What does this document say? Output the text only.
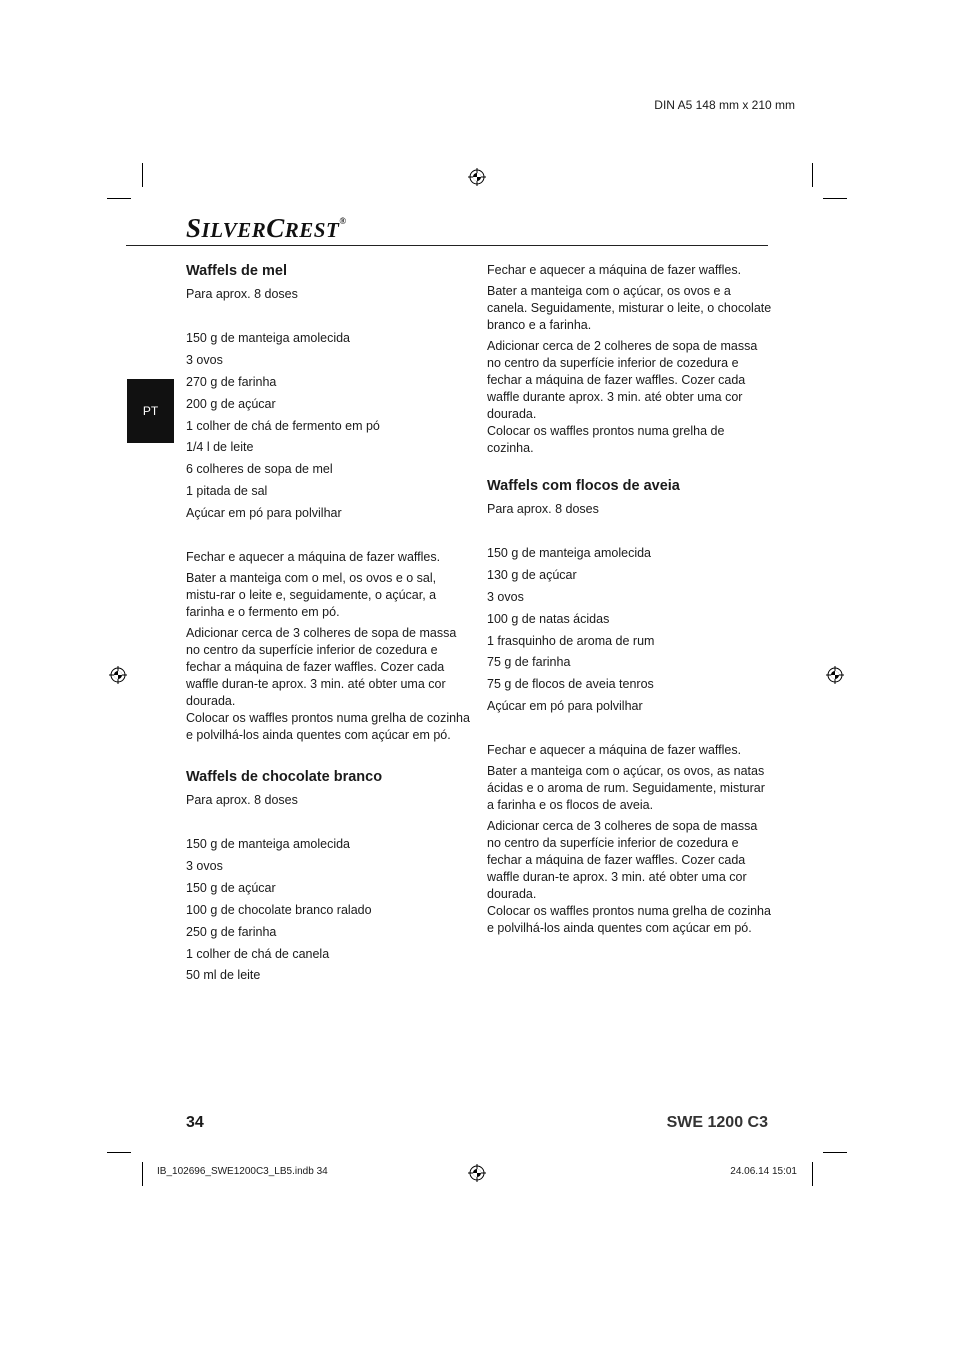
DIN A5 148 mm x 210 mm
SILVERCREST®
PT
Waffels de mel

Para aprox. 8 doses

150 g de manteiga amolecida
3 ovos
270 g de farinha
200 g de açúcar
1 colher de chá de fermento em pó
1/4 l de leite
6 colheres de sopa de mel
1 pitada de sal
Açúcar em pó para polvilhar

Fechar e aquecer a máquina de fazer waffles.

Bater a manteiga com o mel, os ovos e o sal, mistu-rar o leite e, seguidamente, o açúcar, a farinha e o fermento em pó.

Adicionar cerca de 3 colheres de sopa de massa no centro da superfície inferior de cozedura e fechar a máquina de fazer waffles. Cozer cada waffle duran-te aprox. 3 min. até obter uma cor dourada.

Colocar os waffles prontos numa grelha de cozinha e polvilhá-los ainda quentes com açúcar em pó.

Waffels de chocolate branco

Para aprox. 8 doses

150 g de manteiga amolecida
3 ovos
150 g de açúcar
100 g de chocolate branco ralado
250 g de farinha
1 colher de chá de canela
50 ml de leite

Fechar e aquecer a máquina de fazer waffles.

Bater a manteiga com o açúcar, os ovos e a canela. Seguidamente, misturar o leite, o chocolate branco e a farinha.

Adicionar cerca de 2 colheres de sopa de massa no centro da superfície inferior de cozedura e fechar a máquina de fazer waffles. Cozer cada waffle durante aprox. 3 min. até obter uma cor dourada.

Colocar os waffles prontos numa grelha de cozinha.

Waffels com flocos de aveia

Para aprox. 8 doses

150 g de manteiga amolecida
130 g de açúcar
3 ovos
100 g de natas ácidas
1 frasquinho de aroma de rum
75 g de farinha
75 g de flocos de aveia tenros
Açúcar em pó para polvilhar

Fechar e aquecer a máquina de fazer waffles.

Bater a manteiga com o açúcar, os ovos, as natas ácidas e o aroma de rum. Seguidamente, misturar a farinha e os flocos de aveia.

Adicionar cerca de 3 colheres de sopa de massa no centro da superfície inferior de cozedura e fechar a máquina de fazer waffles. Cozer cada waffle duran-te aprox. 3 min. até obter uma cor dourada.

Colocar os waffles prontos numa grelha de cozinha e polvilhá-los ainda quentes com açúcar em pó.

34	SWE 1200 C3
IB_102696_SWE1200C3_LB5.indb 34	24.06.14 15:01
